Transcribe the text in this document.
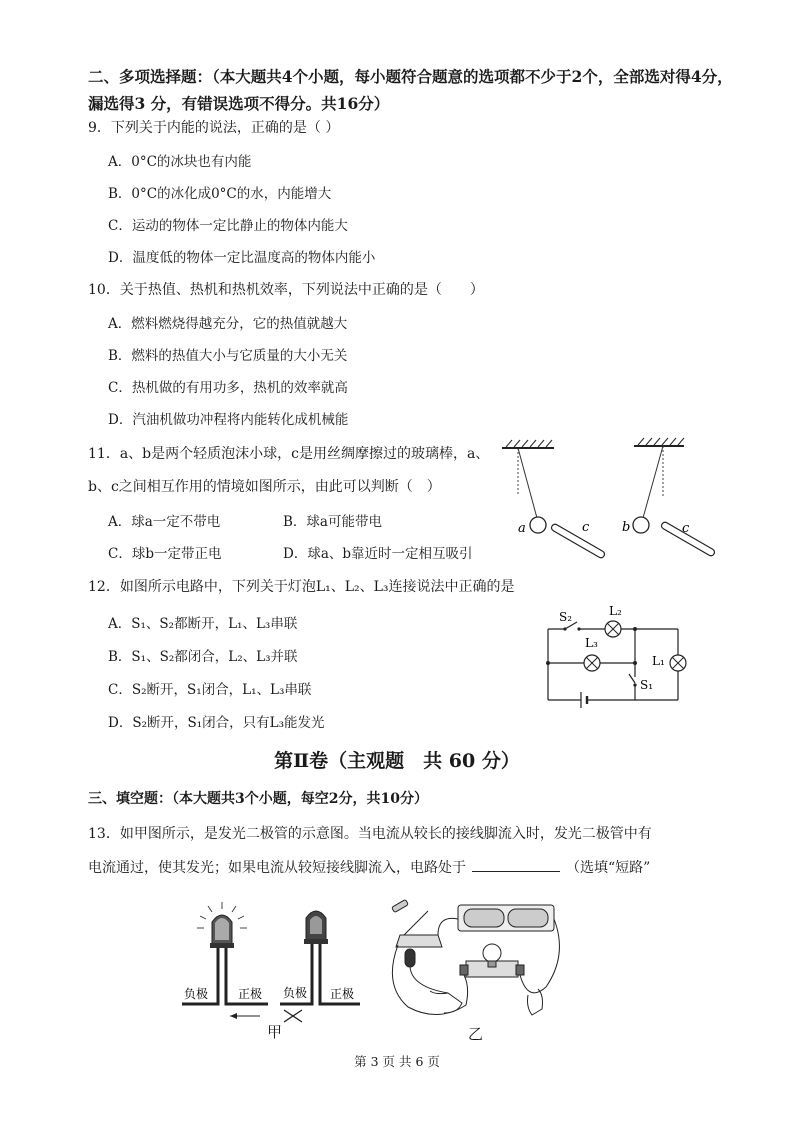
二、多项选择题：（本大题共4个小题，每小题符合题意的选项都不少于2个，全部选对得4分，漏选得3 分，有错误选项不得分。共16分）
9．下列关于内能的说法，正确的是（ ）
A．0°C的冰块也有内能
B．0°C的冰化成0°C的水，内能增大
C．运动的物体一定比静止的物体内能大
D．温度低的物体一定比温度高的物体内能小
10．关于热值、热机和热机效率，下列说法中正确的是（　　）
A．燃料燃烧得越充分，它的热值就越大
B．燃料的热值大小与它质量的大小无关
C．热机做的有用功多，热机的效率就高
D．汽油机做功冲程将内能转化成机械能
11．a、b是两个轻质泡沫小球，c是用丝绸摩擦过的玻璃棒，a、
b、c之间相互作用的情境如图所示，由此可以判断（　）
A．球a一定不带电	B．球a可能带电
C．球b一定带正电	D．球a、b靠近时一定相互吸引
a	c	b	c
12．如图所示电路中，下列关于灯泡L₁、L₂、L₃连接说法中正确的是
A．S₁、S₂都断开，L₁、L₃串联
B．S₁、S₂都闭合，L₂、L₃并联
C．S₂断开，S₁闭合，L₁、L₃串联
D．S₂断开，S₁闭合，只有L₃能发光
S₂	L₂
L₃
L₁
S₁
第Ⅱ卷（主观题　共 60 分）
三、填空题：（本大题共3个小题，每空2分，共10分）
13．如甲图所示，是发光二极管的示意图。当电流从较长的接线脚流入时，发光二极管中有
电流通过，使其发光；如果电流从较短接线脚流入，电路处于	（选填“短路”
负极 正极 负极 正极
甲	乙
第 3 页 共 6 页
